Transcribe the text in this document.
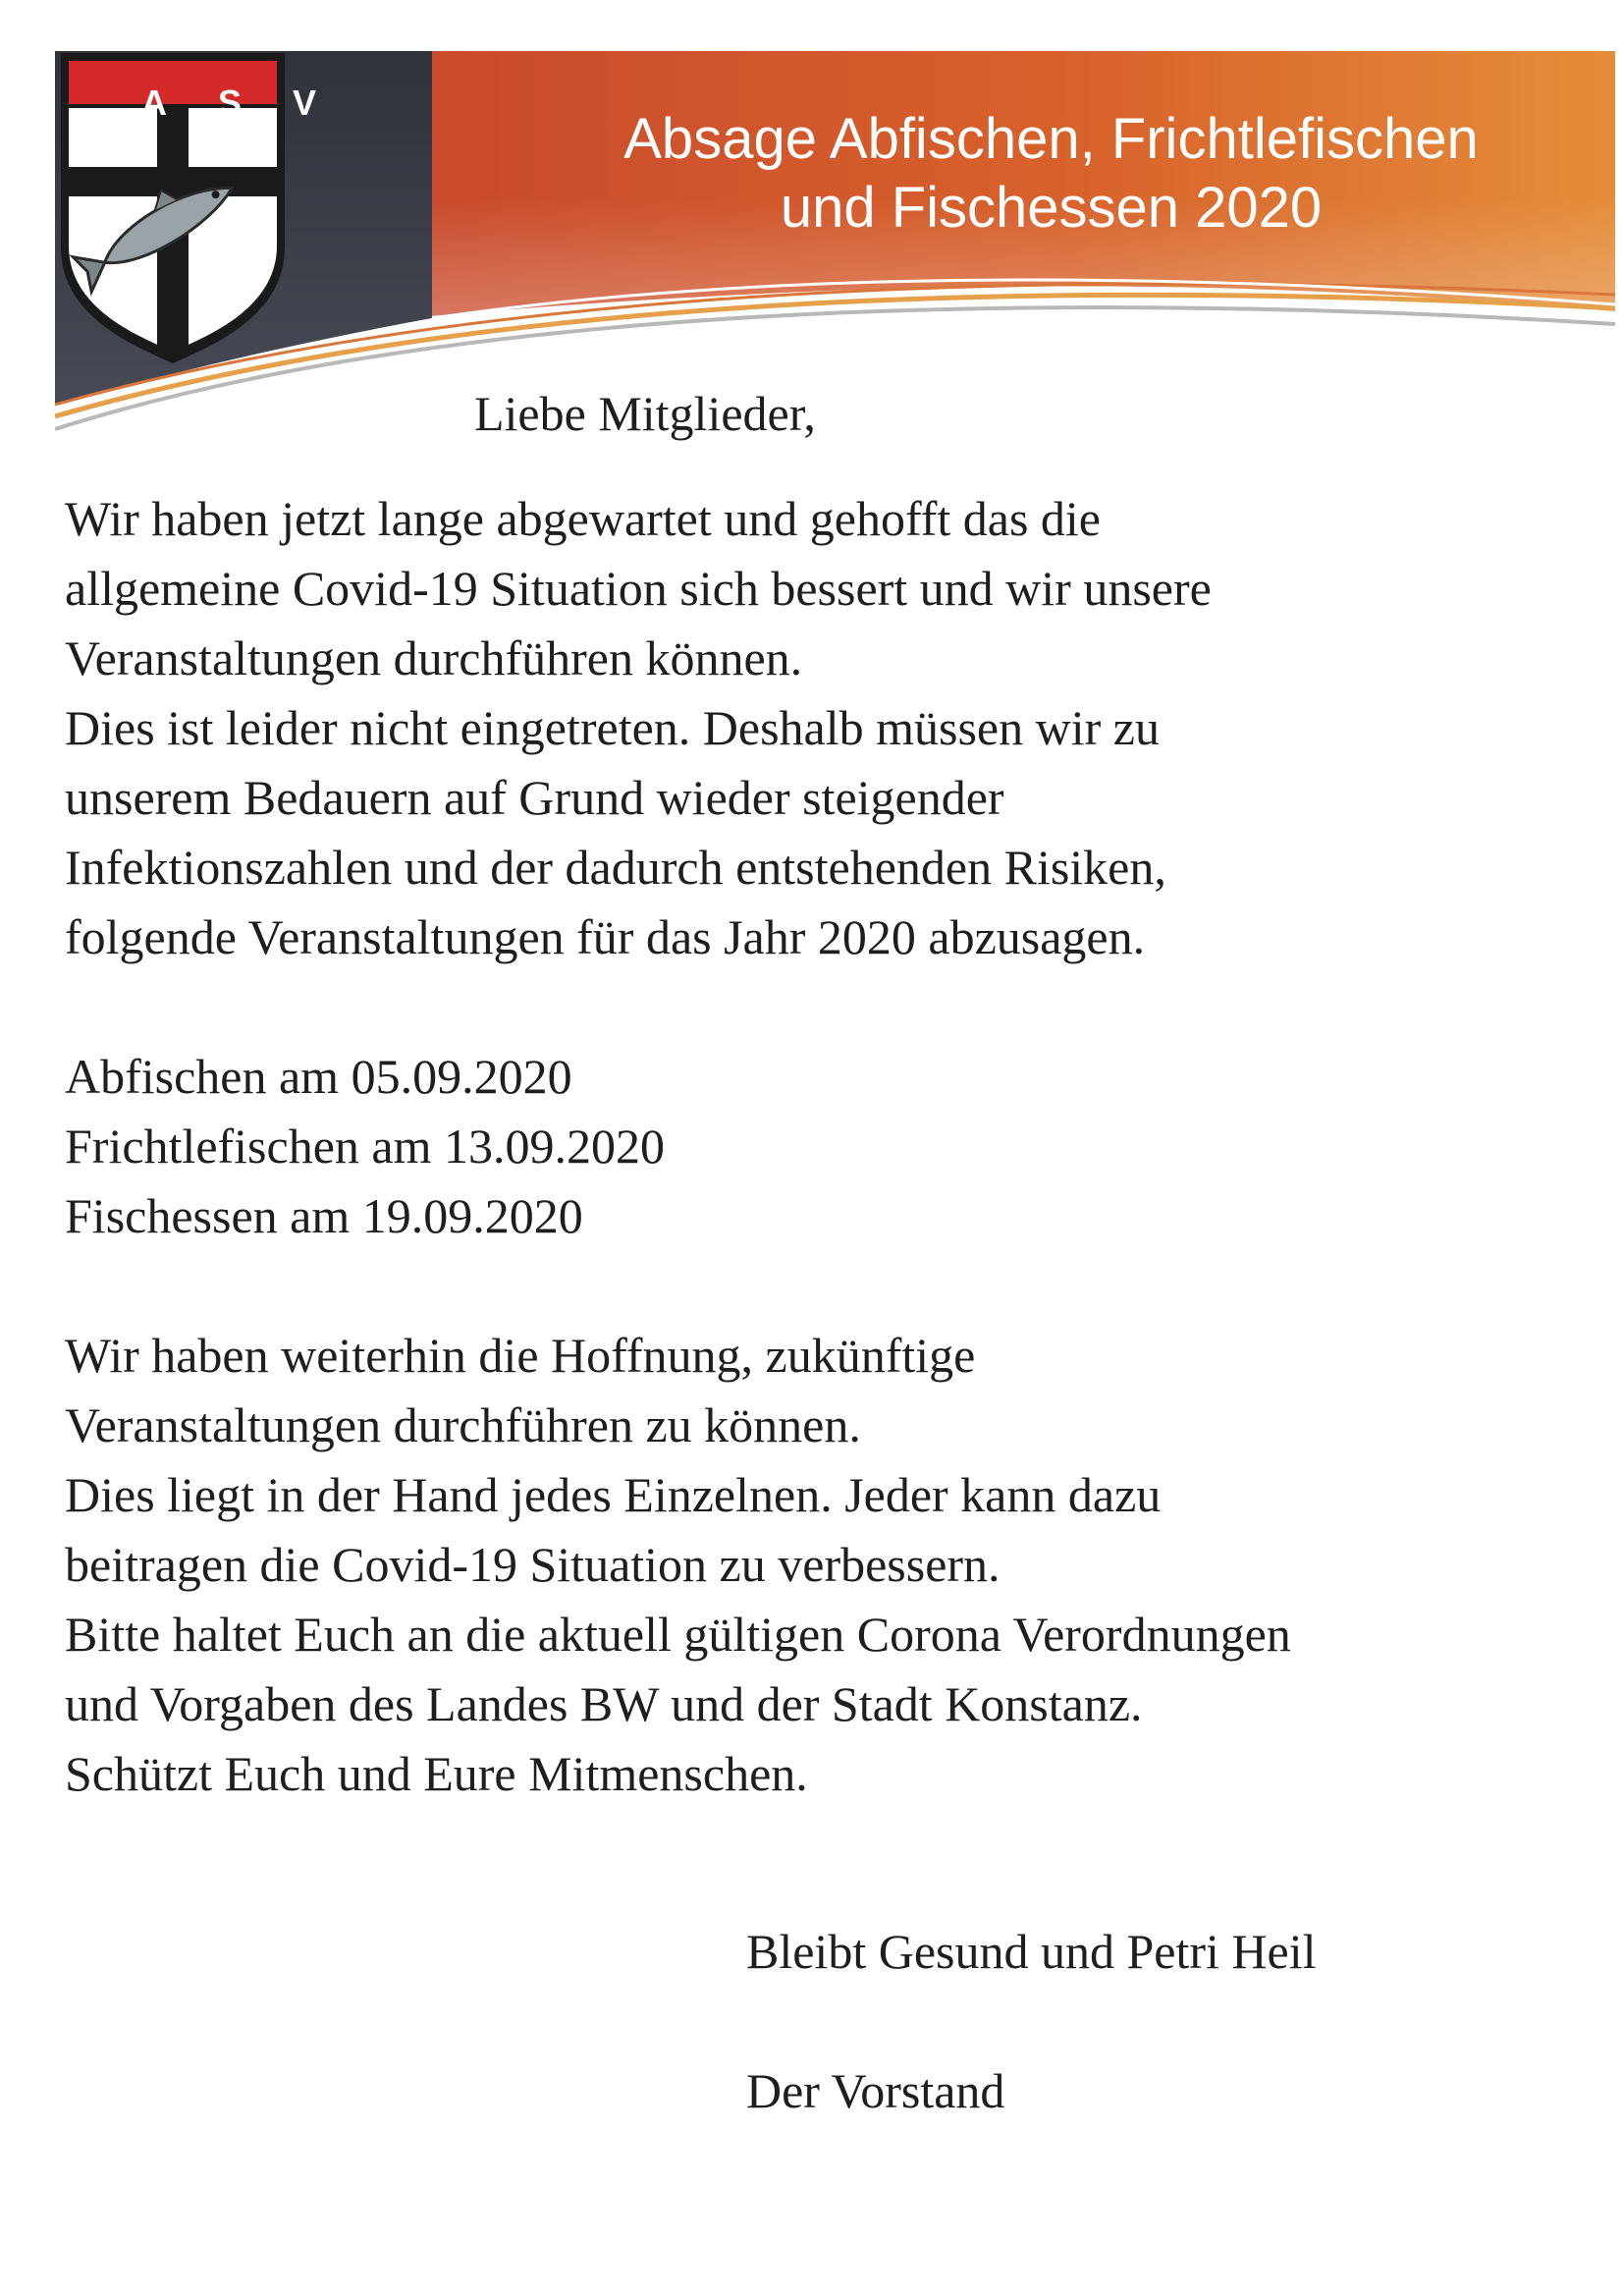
A S V
Absage Abfischen, Frichtlefischen
und Fischessen 2020
Liebe Mitglieder,

Wir haben jetzt lange abgewartet und gehofft das die

allgemeine Covid-19 Situation sich bessert und wir unsere

Veranstaltungen durchführen können.

Dies ist leider nicht eingetreten. Deshalb müssen wir zu

unserem Bedauern auf Grund wieder steigender

Infektionszahlen und der dadurch entstehenden Risiken,

folgende Veranstaltungen für das Jahr 2020 abzusagen.

Abfischen am 05.09.2020

Frichtlefischen am 13.09.2020

Fischessen am 19.09.2020

Wir haben weiterhin die Hoffnung, zukünftige

Veranstaltungen durchführen zu können.

Dies liegt in der Hand jedes Einzelnen. Jeder kann dazu

beitragen die Covid-19 Situation zu verbessern.

Bitte haltet Euch an die aktuell gültigen Corona Verordnungen

und Vorgaben des Landes BW und der Stadt Konstanz.

Schützt Euch und Eure Mitmenschen.

Bleibt Gesund und Petri Heil
Der Vorstand
